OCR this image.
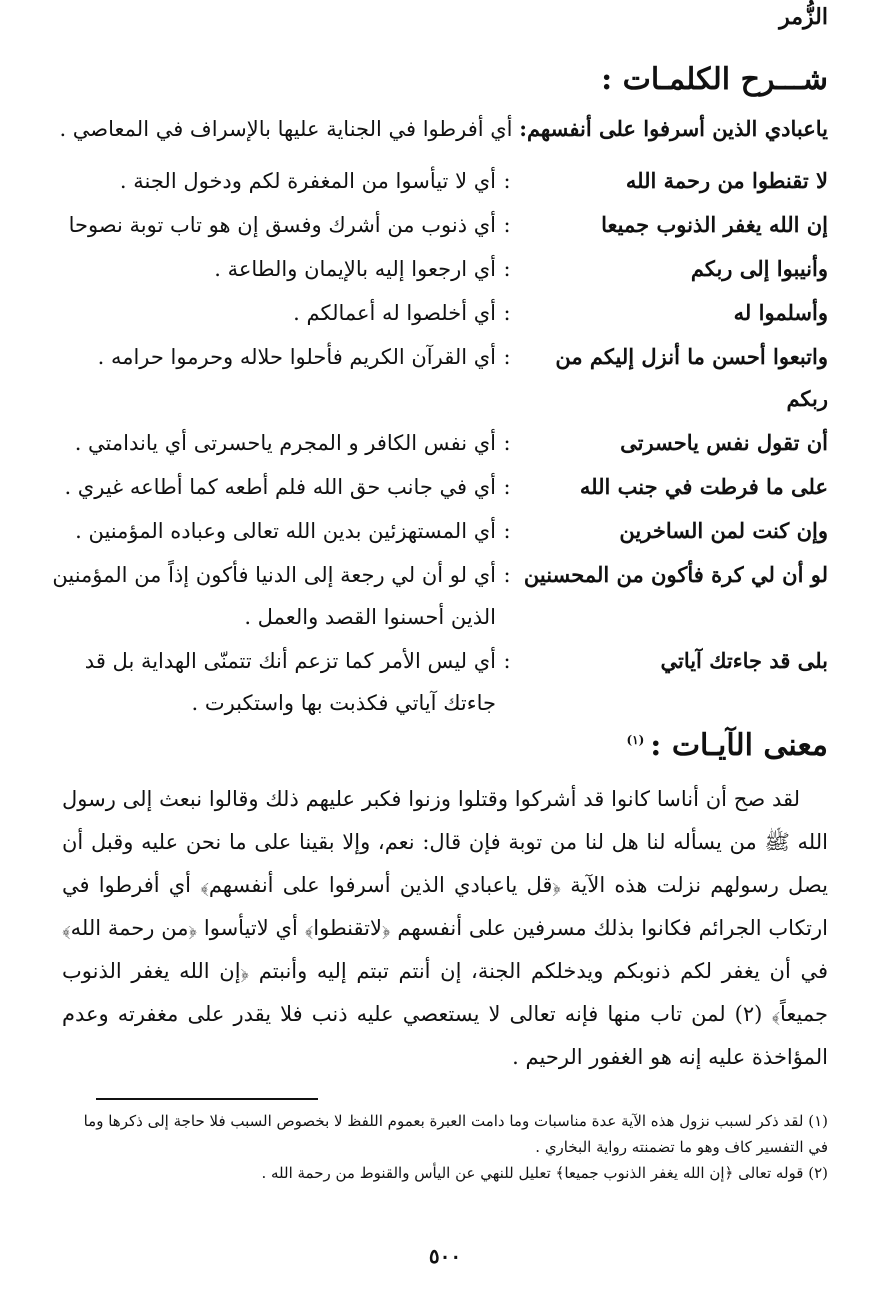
الزُّمر
شـــرح الكلمـات :
ياعبادي الذين أسرفوا على أنفسهم: أي أفرطوا في الجناية عليها بالإسراف في المعاصي .
لا تقنطوا من رحمة الله
:
أي لا تيأسوا من المغفرة لكم ودخول الجنة .
إن الله يغفر الذنوب جميعا
:
أي ذنوب من أشرك وفسق إن هو تاب توبة نصوحا
وأنيبوا إلى ربكم
:
أي ارجعوا إليه بالإيمان والطاعة .
وأسلموا له
:
أي أخلصوا له أعمالكم .
واتبعوا أحسن ما أنزل إليكم من ربكم
:
أي القرآن الكريم فأحلوا حلاله وحرموا حرامه .
أن تقول نفس ياحسرتى
:
أي نفس الكافر و المجرم ياحسرتى أي ياندامتي .
على ما فرطت في جنب الله
:
أي في جانب حق الله فلم أطعه كما أطاعه غيري .
وإن كنت لمن الساخرين
:
أي المستهزئين بدين الله تعالى وعباده المؤمنين .
لو أن لي كرة فأكون من المحسنين
:
أي لو أن لي رجعة إلى الدنيا فأكون إذاً من المؤمنين الذين أحسنوا القصد والعمل .
بلى قد جاءتك آياتي
:
أي ليس الأمر كما تزعم أنك تتمنّى الهداية بل قد جاءتك آياتي فكذبت بها واستكبرت .
معنى الآيـات :$^{(١)}$
لقد صح أن أناسا كانوا قد أشركوا وقتلوا وزنوا فكبر عليهم ذلك وقالوا نبعث إلى رسول الله ﷺ من يسأله لنا هل لنا من توبة فإن قال: نعم، وإلا بقينا على ما نحن عليه وقبل أن يصل رسولهم نزلت هذه الآية ﴿قل ياعبادي الذين أسرفوا على أنفسهم﴾ أي أفرطوا في ارتكاب الجرائم فكانوا بذلك مسرفين على أنفسهم ﴿لاتقنطوا﴾ أي لاتيأسوا ﴿من رحمة الله﴾ في أن يغفر لكم ذنوبكم ويدخلكم الجنة، إن أنتم تبتم إليه وأنبتم ﴿إن الله يغفر الذنوب جميعاً﴾ (٢) لمن تاب منها فإنه تعالى لا يستعصي عليه ذنب فلا يقدر على مغفرته وعدم المؤاخذة عليه إنه هو الغفور الرحيم .

(١) لقد ذكر لسبب نزول هذه الآية عدة مناسبات وما دامت العبرة بعموم اللفظ لا بخصوص السبب فلا حاجة إلى ذكرها وما في التفسير كاف وهو ما تضمنته رواية البخاري .

(٢) قوله تعالى ﴿إن الله يغفر الذنوب جميعا﴾ تعليل للنهي عن اليأس والقنوط من رحمة الله .

٥٠٠
